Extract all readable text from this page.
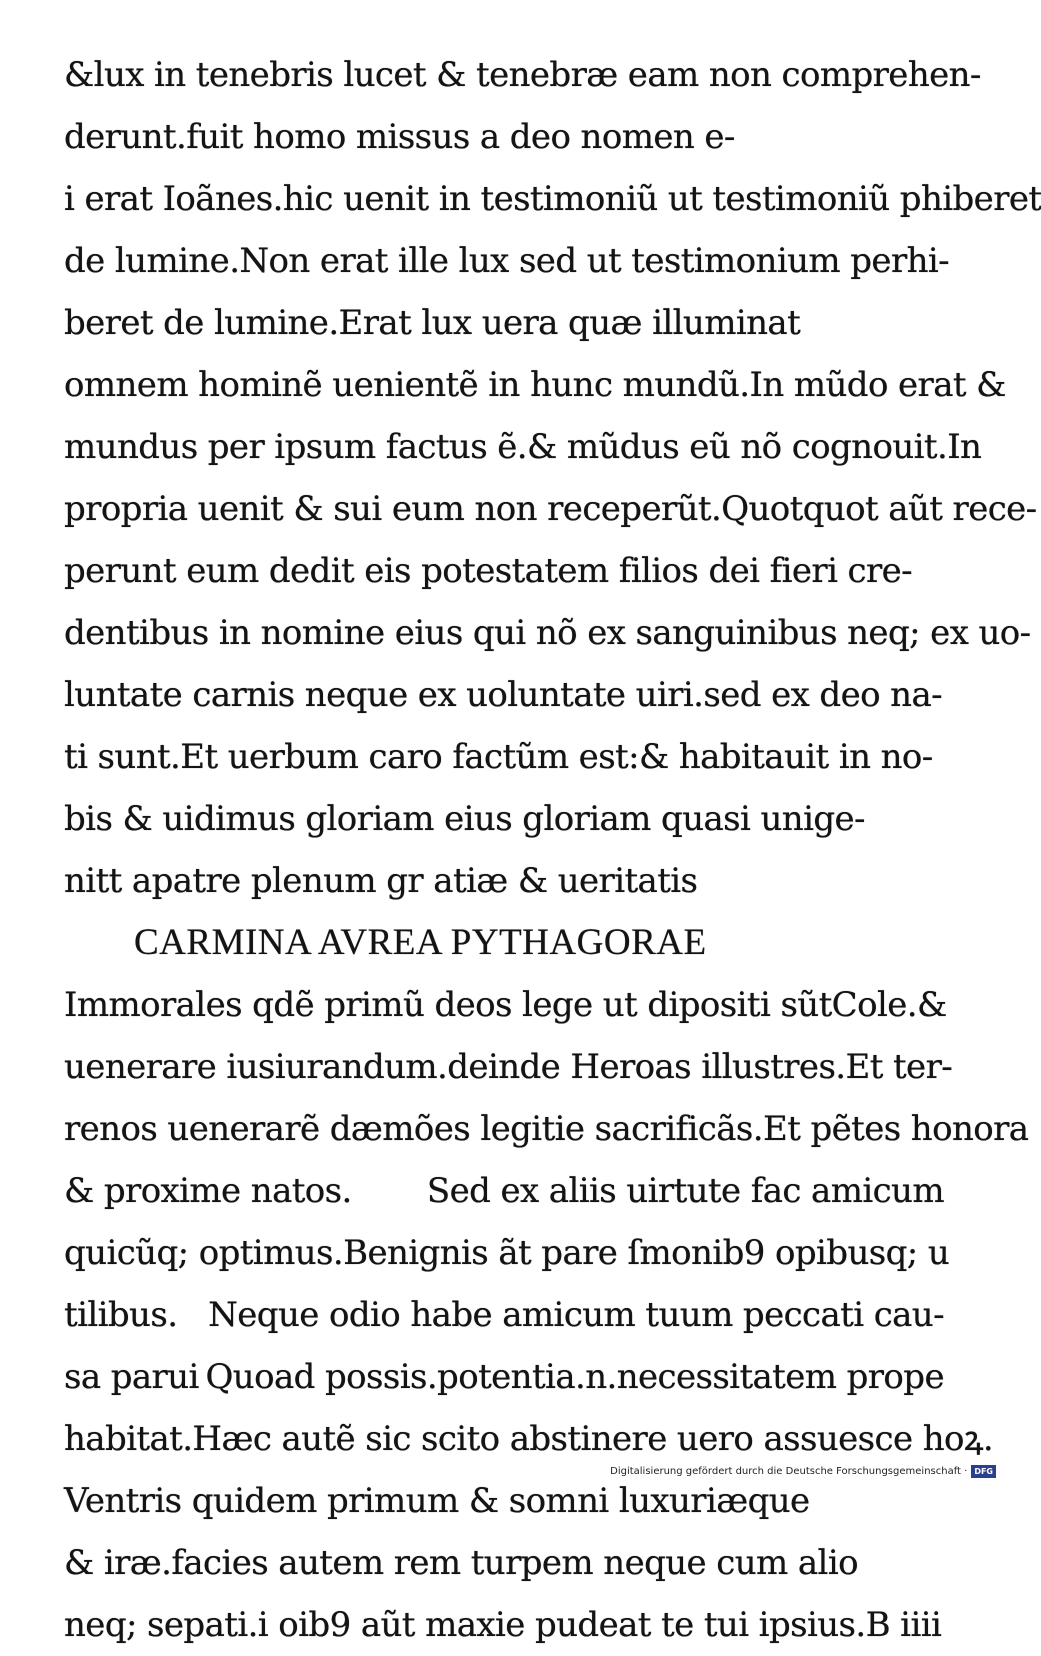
&lux in tenebris lucet & tenebræ eam non comprehen-
derunt.fuit homo missus a deo nomen e-
i erat Ioãnes.hic uenit in testimoniũ ut testimoniũ phiberet
de lumine.Non erat ille lux sed ut testimonium perhi-
beret de lumine.Erat lux uera quæ illuminat
omnem hominẽ uenientẽ in hunc mundũ.In mũdo erat &
mundus per ipsum factus ẽ.& mũdus eũ nõ cognouit.In
propria uenit & sui eum non receperũt.Quotquot aũt rece-
perunt eum dedit eis potestatem filios dei fieri cre-
dentibus in nomine eius qui nõ ex sanguinibus neq; ex uo-
luntate carnis neque ex uoluntate uiri.sed ex deo na-
ti sunt.Et uerbum caro factũm est:& habitauit in no-
bis & uidimus gloriam eius gloriam quasi unige-
nitt apatre plenum gr atiæ & ueritatis
CARMINA AVREA PYTHAGORAE
Immorales qdẽ primũ deos lege ut dipositi sũt Cole.&
uenerare iusiurandum.deinde Heroas illustres. Et ter-
renos uenerarẽ dæmões legitie sacrificãs. Et pẽtes honora
& proxime natos. Sed ex aliis uirtute fac amicum
quicũq; optimus. Benignis ãt pare ſmonib9 opibusq; u
tilibus. Neque odio habe amicum tuum peccati cau-
sa parui Quoad possis.potentia.n.necessitatem prope
habitat. Hæc autẽ sic scito abstinere uero assuesce hoꝝ.
Ventris quidem primum & somni luxuriæque
& iræ.facies autem rem turpem neque cum alio
neq; sepati.i oib9 aũt maxie pudeat te tui ipsius. B iiii
Digitalisierung gefördert durch die Deutsche Forschungsgemeinschaft · DFG
